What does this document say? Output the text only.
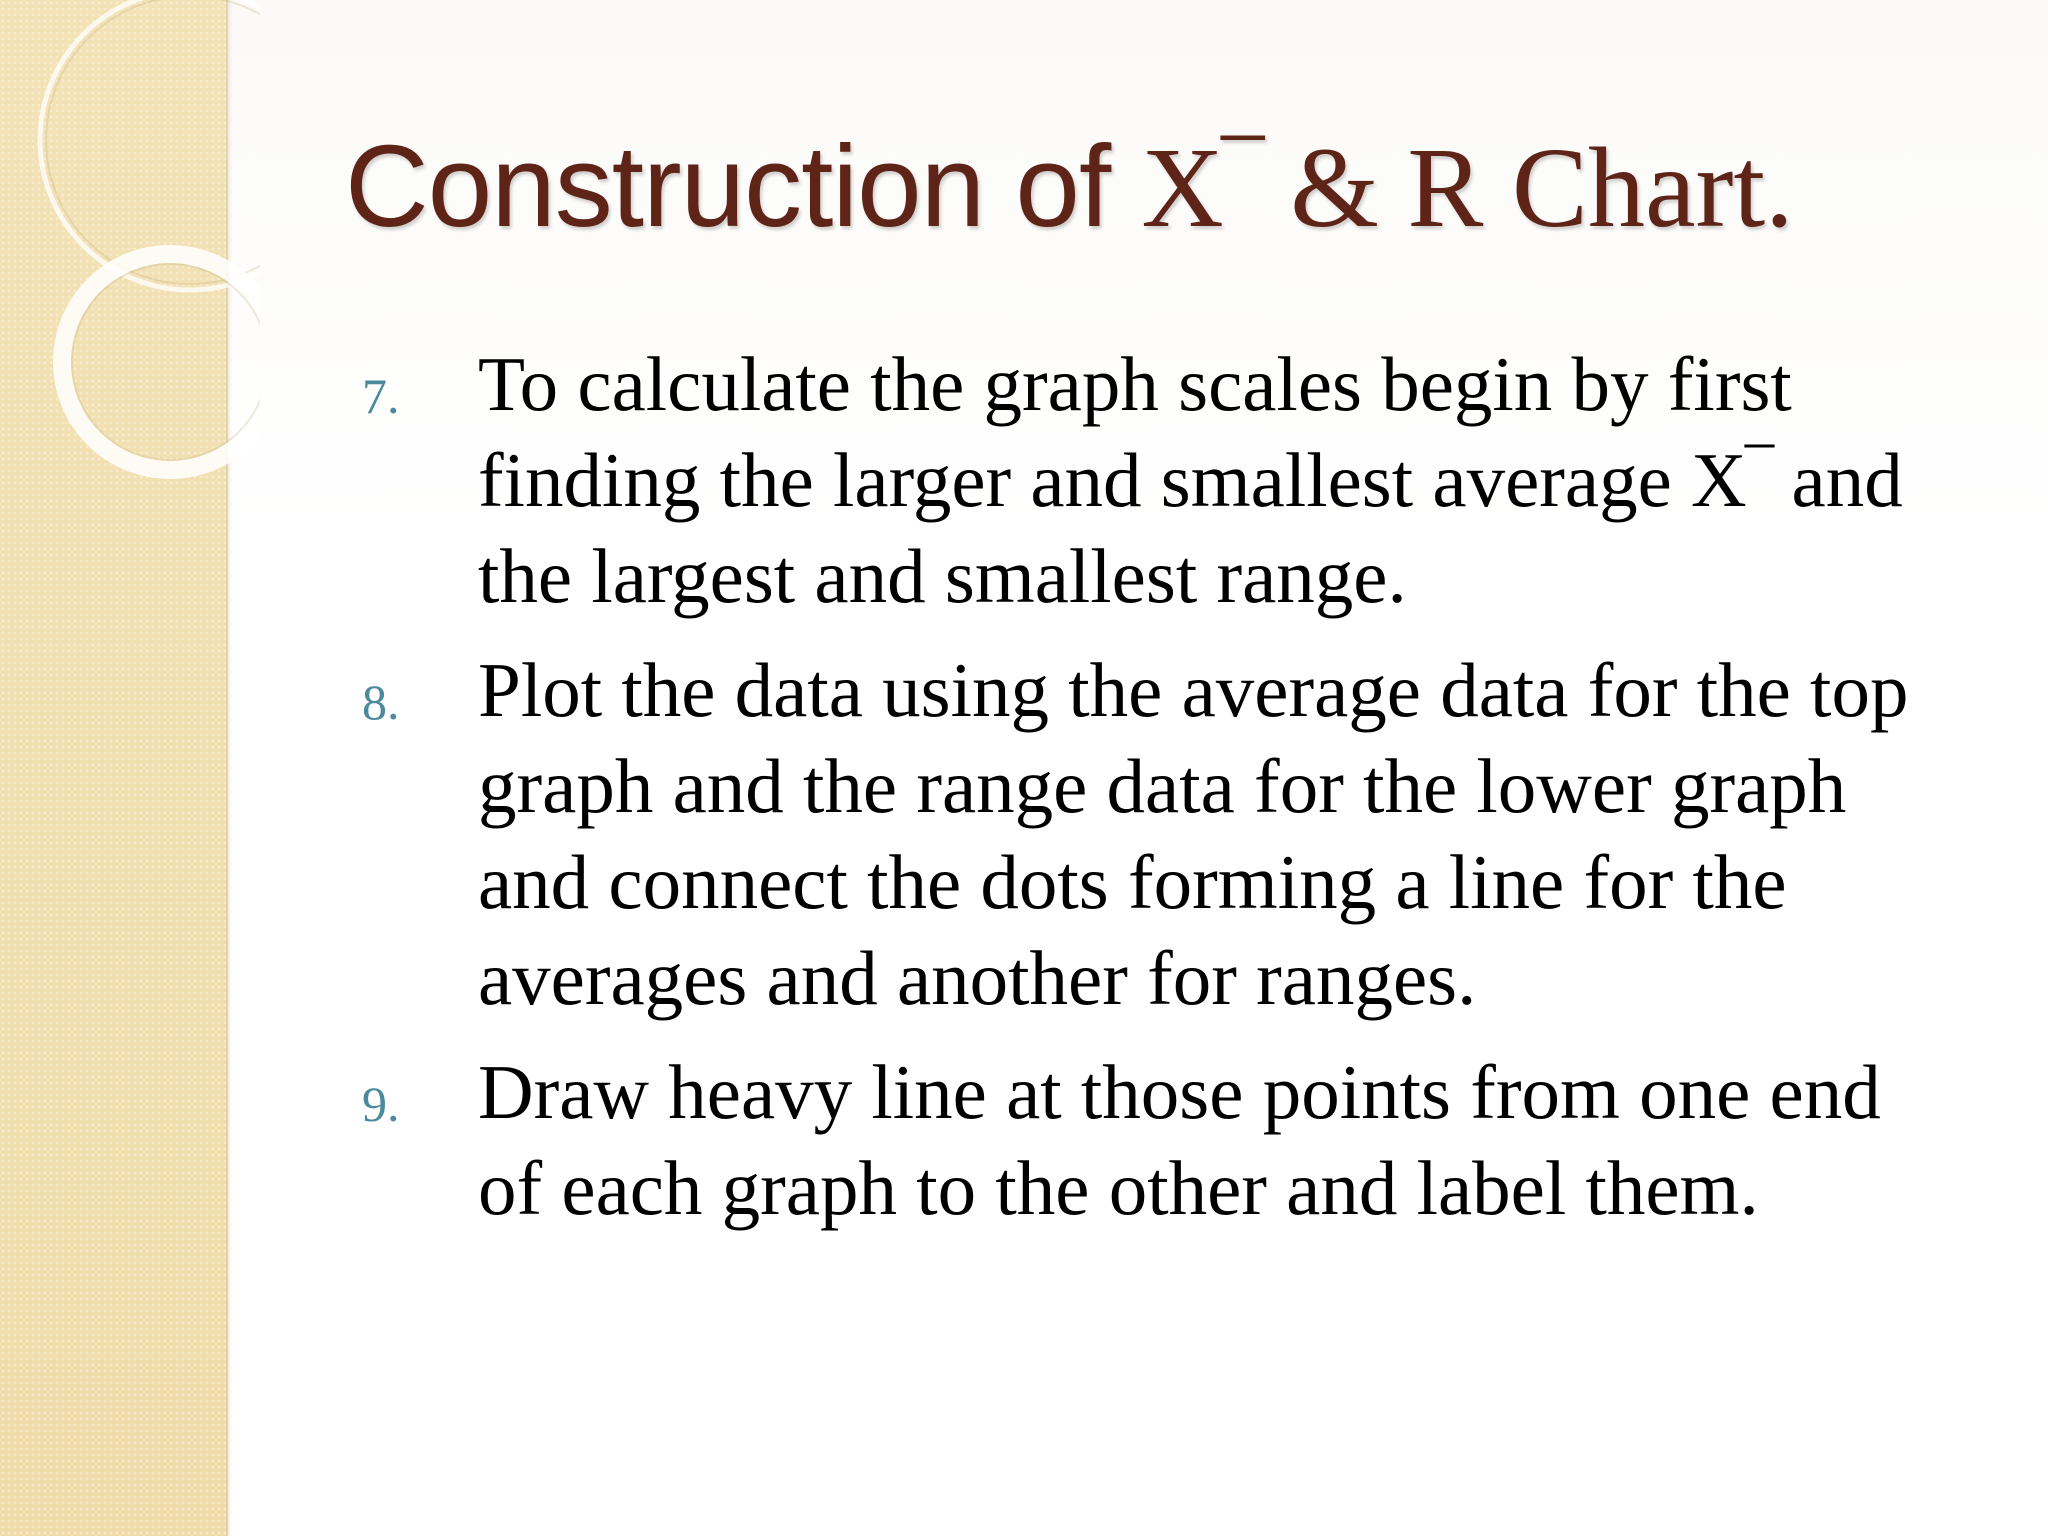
Construction of X‾ & R Chart.
7. To calculate the graph scales begin by first
finding the larger and smallest average X‾ and
the largest and smallest range.
8. Plot the data using the average data for the top
graph and the range data for the lower graph
and connect the dots forming a line for the
averages and another for ranges.
9. Draw heavy line at those points from one end
of each graph to the other and label them.
